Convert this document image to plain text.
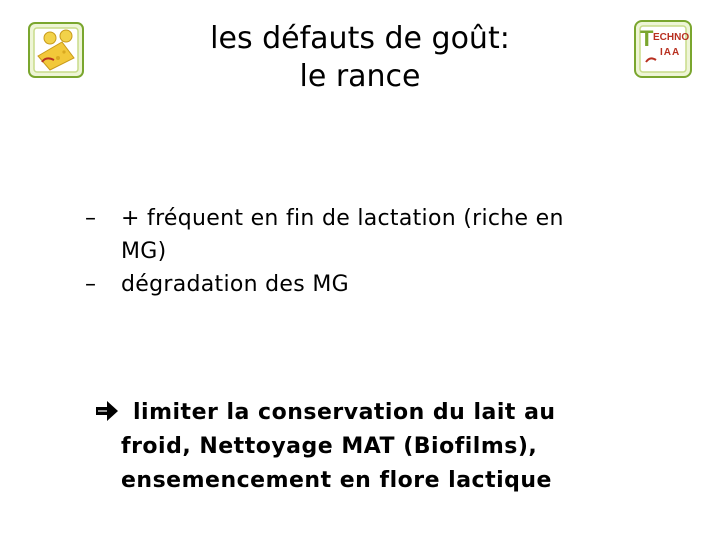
les défauts de goût:
le rance
T ECHNO
IAA
–	+ fréquent en fin de lactation (riche en
MG)
–	dégradation des MG
limiter la conservation du lait au
froid, Nettoyage MAT (Biofilms),
ensemencement en flore lactique
